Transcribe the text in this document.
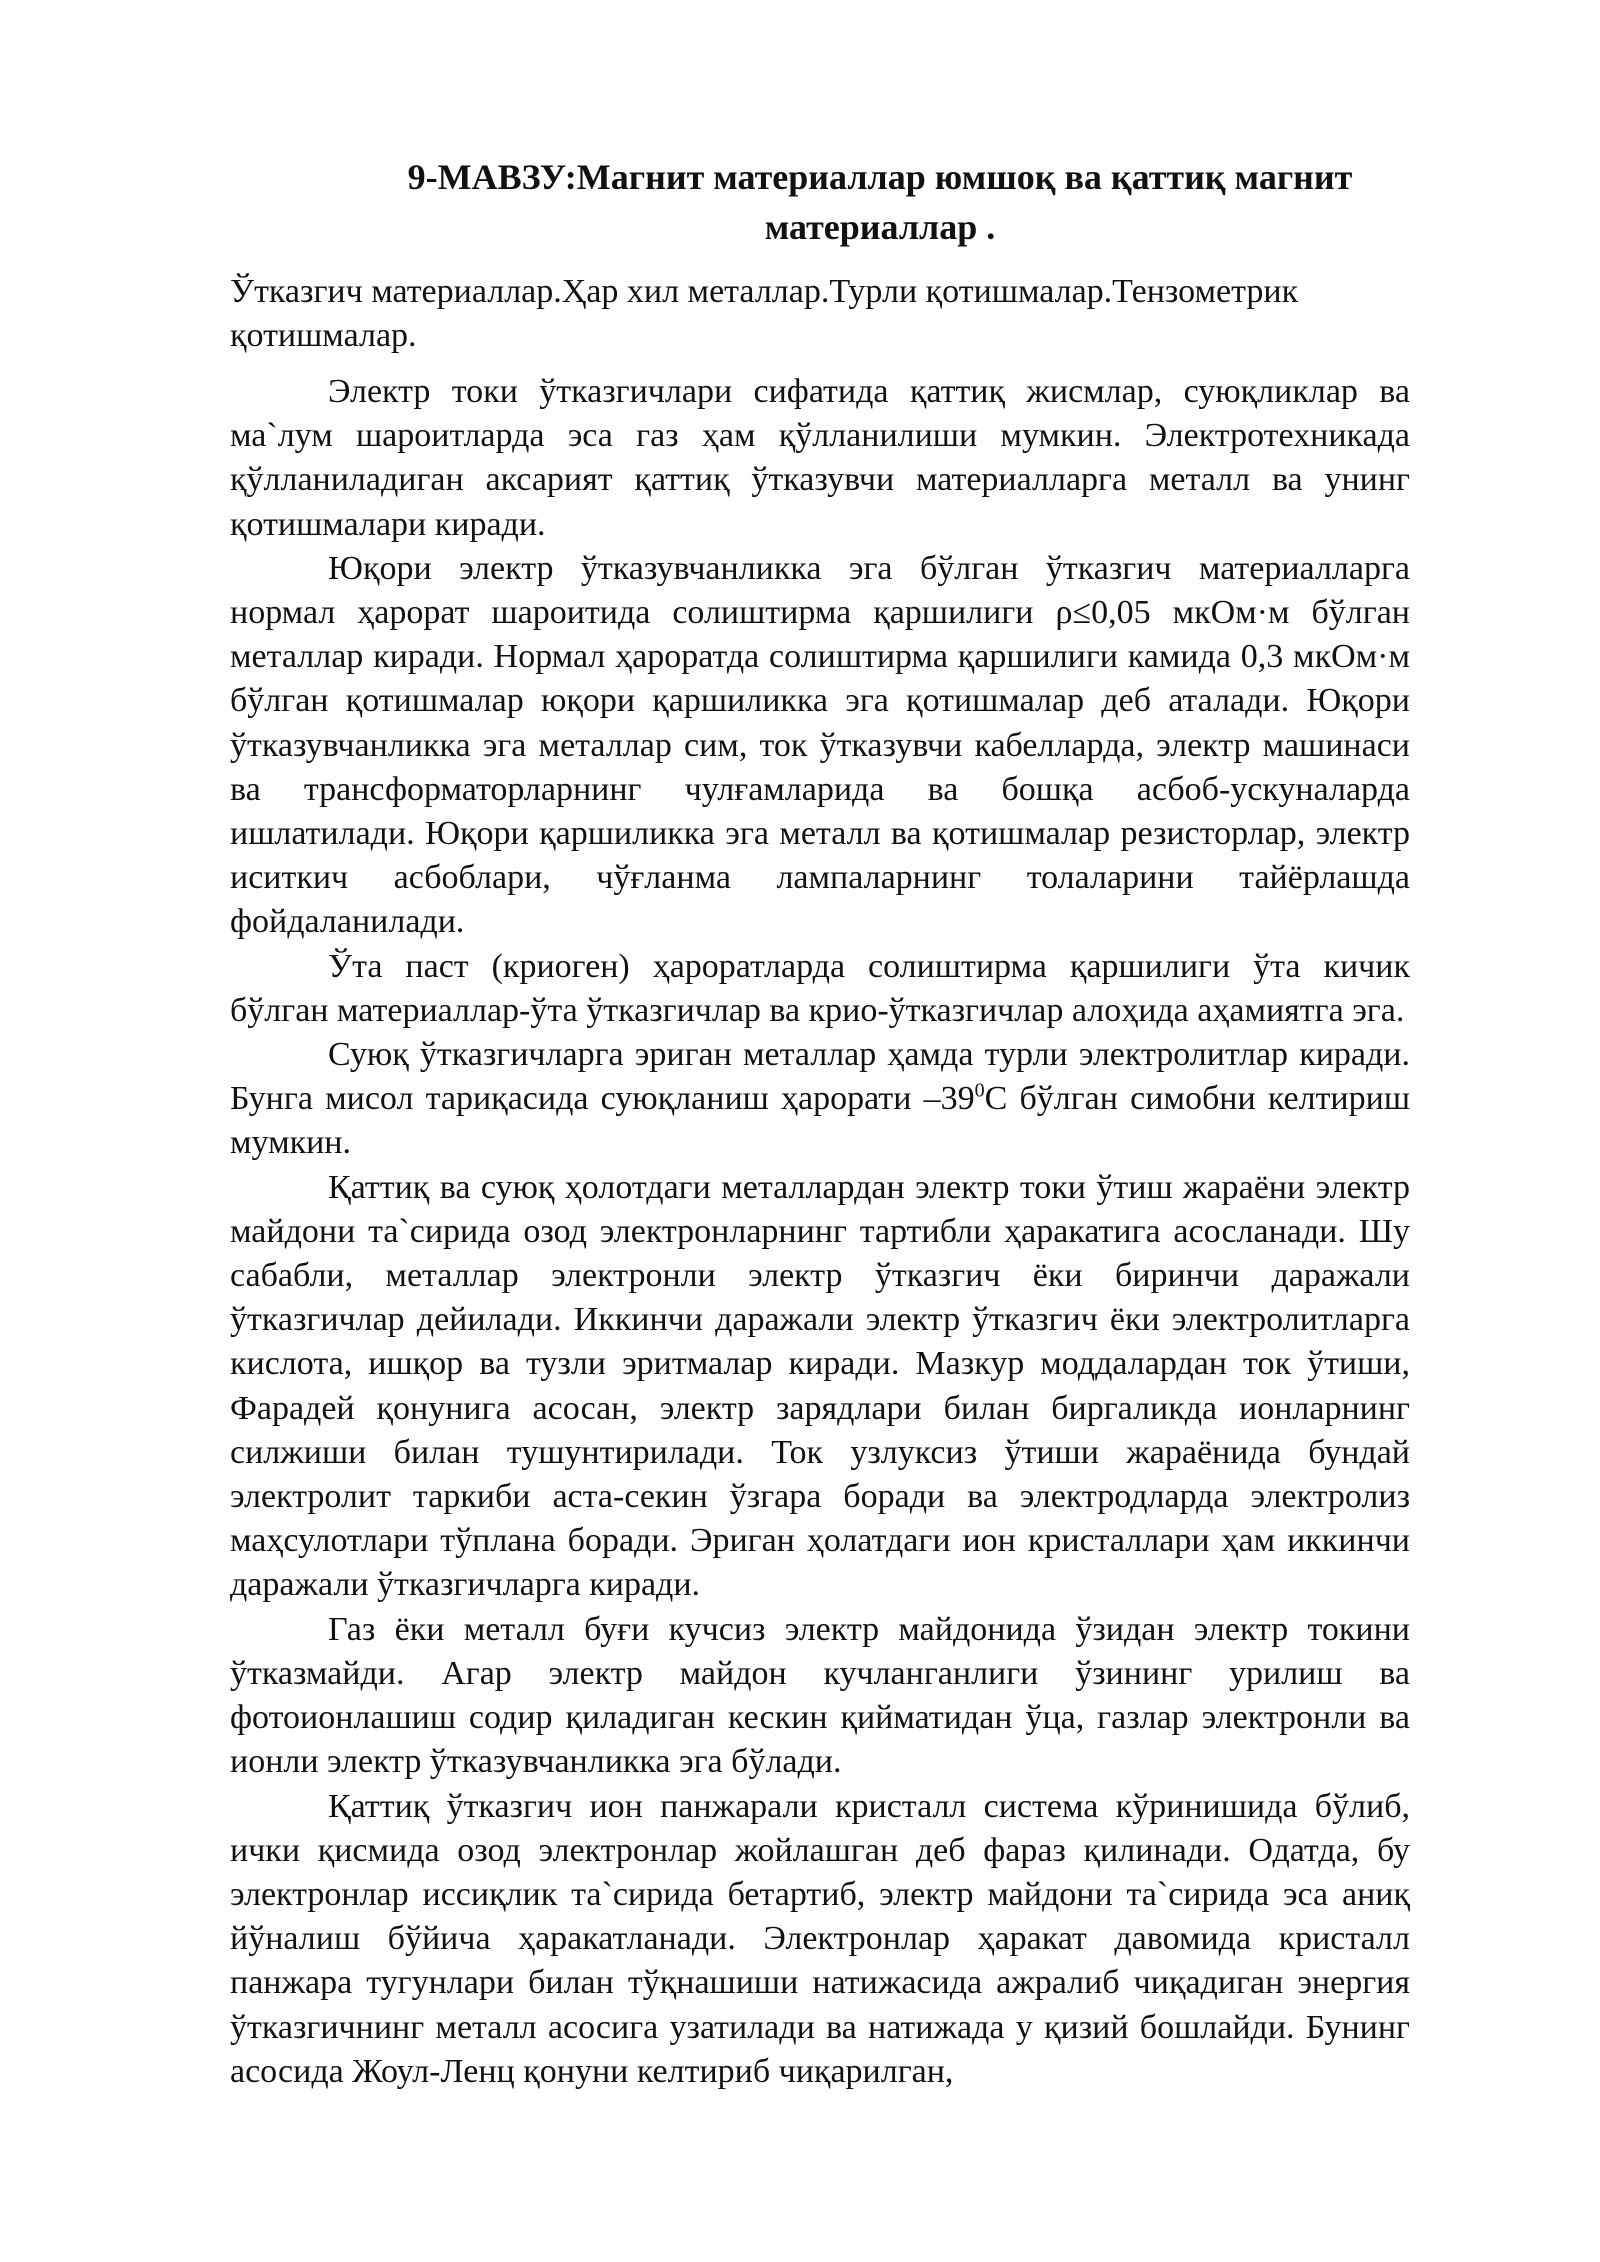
9-МАВЗУ:Магнит материаллар юмшоқ ва қаттиқ магнит материаллар .

Ўтказгич материаллар.Ҳар хил металлар.Турли қотишмалар.Тензометрик қотишмалар.

Электр токи ўтказгичлари сифатида қаттиқ жисмлар, суюқликлар ва ма`лум шароитларда эса газ ҳам қўлланилиши мумкин. Электротехникада қўлланиладиган аксарият қаттиқ ўтказувчи материалларга металл ва унинг қотишмалари киради.

Юқори электр ўтказувчанликка эга бўлган ўтказгич материалларга нормал ҳарорат шароитида солиштирма қаршилиги ρ≤0,05 мкОм·м бўлган металлар киради. Нормал ҳароратда солиштирма қаршилиги камида 0,3 мкОм·м бўлган қотишмалар юқори қаршиликка эга қотишмалар деб аталади. Юқори ўтказувчанликка эга металлар сим, ток ўтказувчи кабелларда, электр машинаси ва трансформаторларнинг чулғамларида ва бошқа асбоб-ускуналарда ишлатилади. Юқори қаршиликка эга металл ва қотишмалар резисторлар, электр иситкич асбоблари, чўғланма лампаларнинг толаларини тайёрлашда фойдаланилади.

Ўта паст (криоген) ҳароратларда солиштирма қаршилиги ўта кичик бўлган материаллар-ўта ўтказгичлар ва крио-ўтказгичлар алоҳида аҳамиятга эга.

Суюқ ўтказгичларга эриган металлар ҳамда турли электролитлар киради. Бунга мисол тариқасида суюқланиш ҳарорати $-39^0С$ бўлган симобни келтириш мумкин.

Қаттиқ ва суюқ ҳолотдаги металлардан электр токи ўтиш жараёни электр майдони та`сирида озод электронларнинг тартибли ҳаракатига асосланади. Шу сабабли, металлар электронли электр ўтказгич ёки биринчи даражали ўтказгичлар дейилади. Иккинчи даражали электр ўтказгич ёки электролитларга кислота, ишқор ва тузли эритмалар киради. Мазкур моддалардан ток ўтиши, Фарадей қонунига асосан, электр зарядлари билан биргаликда ионларнинг силжиши билан тушунтирилади. Ток узлуксиз ўтиши жараёнида бундай электролит таркиби аста-секин ўзгара боради ва электродларда электролиз маҳсулотлари тўплана боради. Эриган ҳолатдаги ион кристаллари ҳам иккинчи даражали ўтказгичларга киради.

Газ ёки металл буғи кучсиз электр майдонида ўзидан электр токини ўтказмайди. Агар электр майдон кучланганлиги ўзининг урилиш ва фотоионлашиш содир қиладиган кескин қийматидан ўца, газлар электронли ва ионли электр ўтказувчанликка эга бўлади.

Қаттиқ ўтказгич ион панжарали кристалл система кўринишида бўлиб, ички қисмида озод электронлар жойлашган деб фараз қилинади. Одатда, бу электронлар иссиқлик та`сирида бетартиб, электр майдони та`сирида эса аниқ йўналиш бўйича ҳаракатланади. Электронлар ҳаракат давомида кристалл панжара тугунлари билан тўқнашиши натижасида ажралиб чиқадиган энергия ўтказгичнинг металл асосига узатилади ва натижада у қизий бошлайди. Бунинг асосида Жоул-Ленц қонуни келтириб чиқарилган,
